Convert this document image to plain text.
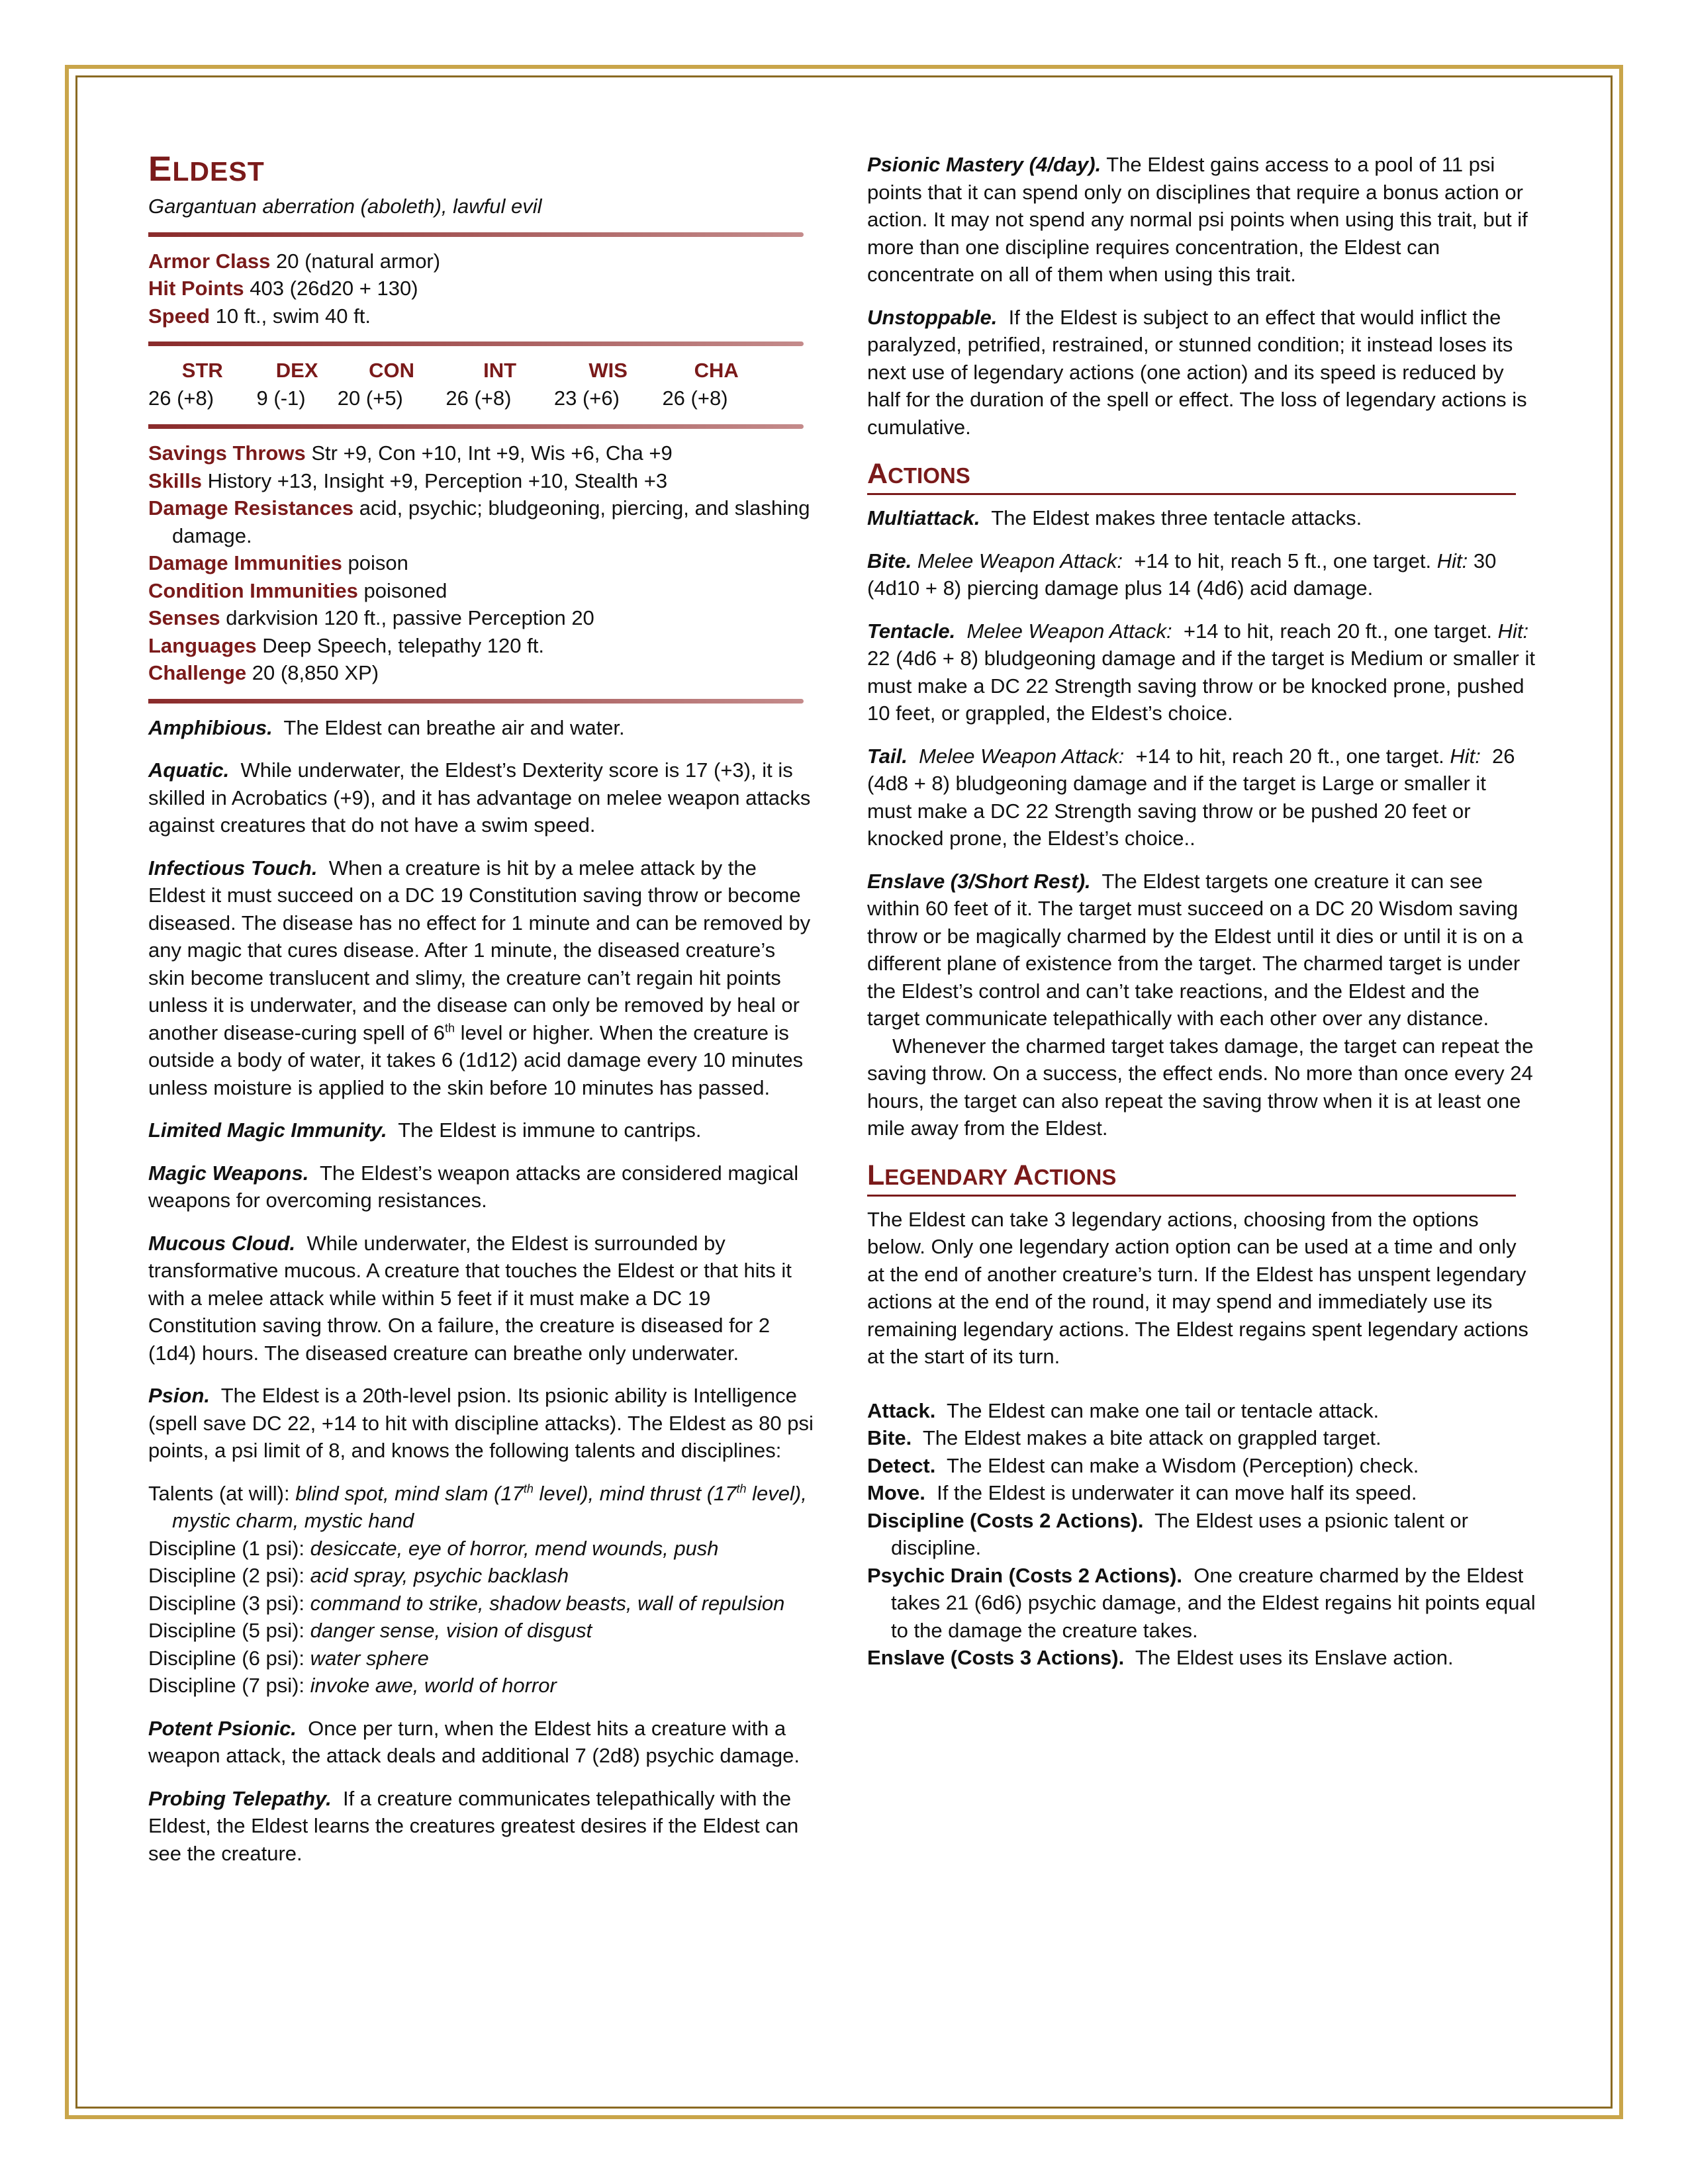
ELDEST

Gargantuan aberration (aboleth), lawful evil

Armor Class 20 (natural armor)

Hit Points 403 (26d20 + 130)

Speed 10 ft., swim 40 ft.

STR	DEX	CON	INT	WIS	CHA
26 (+8)	9 (-1)	20 (+5)	26 (+8)	23 (+6)	26 (+8)

Savings Throws Str +9, Con +10, Int +9, Wis +6, Cha +9

Skills History +13, Insight +9, Perception +10, Stealth +3

Damage Resistances acid, psychic; bludgeoning, piercing, and slashing damage.

Damage Immunities poison

Condition Immunities poisoned

Senses darkvision 120 ft., passive Perception 20

Languages Deep Speech, telepathy 120 ft.

Challenge 20 (8,850 XP)

Amphibious. The Eldest can breathe air and water.

Aquatic. While underwater, the Eldest’s Dexterity score is 17 (+3), it is skilled in Acrobatics (+9), and it has advantage on melee weapon attacks against creatures that do not have a swim speed.

Infectious Touch. When a creature is hit by a melee attack by the Eldest it must succeed on a DC 19 Constitution saving throw or become diseased. The disease has no effect for 1 minute and can be removed by any magic that cures disease. After 1 minute, the diseased creature’s skin become translucent and slimy, the creature can’t regain hit points unless it is underwater, and the disease can only be removed by heal or another disease-curing spell of 6th level or higher. When the creature is outside a body of water, it takes 6 (1d12) acid damage every 10 minutes unless moisture is applied to the skin before 10 minutes has passed.

Limited Magic Immunity. The Eldest is immune to cantrips.

Magic Weapons. The Eldest’s weapon attacks are considered magical weapons for overcoming resistances.

Mucous Cloud. While underwater, the Eldest is surrounded by transformative mucous. A creature that touches the Eldest or that hits it with a melee attack while within 5 feet if it must make a DC 19 Constitution saving throw. On a failure, the creature is diseased for 2 (1d4) hours. The diseased creature can breathe only underwater.

Psion. The Eldest is a 20th-level psion. Its psionic ability is Intelligence (spell save DC 22, +14 to hit with discipline attacks). The Eldest as 80 psi points, a psi limit of 8, and knows the following talents and disciplines:

Talents (at will): blind spot, mind slam (17th level), mind thrust (17th level), mystic charm, mystic hand

Discipline (1 psi): desiccate, eye of horror, mend wounds, push

Discipline (2 psi): acid spray, psychic backlash

Discipline (3 psi): command to strike, shadow beasts, wall of repulsion

Discipline (5 psi): danger sense, vision of disgust

Discipline (6 psi): water sphere

Discipline (7 psi): invoke awe, world of horror

Potent Psionic. Once per turn, when the Eldest hits a creature with a weapon attack, the attack deals and additional 7 (2d8) psychic damage.

Probing Telepathy. If a creature communicates telepathically with the Eldest, the Eldest learns the creatures greatest desires if the Eldest can see the creature.

Psionic Mastery (4/day). The Eldest gains access to a pool of 11 psi points that it can spend only on disciplines that require a bonus action or action. It may not spend any normal psi points when using this trait, but if more than one discipline requires concentration, the Eldest can concentrate on all of them when using this trait.

Unstoppable. If the Eldest is subject to an effect that would inflict the paralyzed, petrified, restrained, or stunned condition; it instead loses its next use of legendary actions (one action) and its speed is reduced by half for the duration of the spell or effect. The loss of legendary actions is cumulative.

ACTIONS

Multiattack. The Eldest makes three tentacle attacks.

Bite. Melee Weapon Attack: +14 to hit, reach 5 ft., one target. Hit: 30 (4d10 + 8) piercing damage plus 14 (4d6) acid damage.

Tentacle. Melee Weapon Attack: +14 to hit, reach 20 ft., one target. Hit: 22 (4d6 + 8) bludgeoning damage and if the target is Medium or smaller it must make a DC 22 Strength saving throw or be knocked prone, pushed 10 feet, or grappled, the Eldest’s choice.

Tail. Melee Weapon Attack: +14 to hit, reach 20 ft., one target. Hit: 26 (4d8 + 8) bludgeoning damage and if the target is Large or smaller it must make a DC 22 Strength saving throw or be pushed 20 feet or knocked prone, the Eldest’s choice..

Enslave (3/Short Rest). The Eldest targets one creature it can see within 60 feet of it. The target must succeed on a DC 20 Wisdom saving throw or be magically charmed by the Eldest until it dies or until it is on a different plane of existence from the target. The charmed target is under the Eldest’s control and can’t take reactions, and the Eldest and the target communicate telepathically with each other over any distance.

Whenever the charmed target takes damage, the target can repeat the saving throw. On a success, the effect ends. No more than once every 24 hours, the target can also repeat the saving throw when it is at least one mile away from the Eldest.

LEGENDARY ACTIONS

The Eldest can take 3 legendary actions, choosing from the options below. Only one legendary action option can be used at a time and only at the end of another creature’s turn. If the Eldest has unspent legendary actions at the end of the round, it may spend and immediately use its remaining legendary actions. The Eldest regains spent legendary actions at the start of its turn.

Attack. The Eldest can make one tail or tentacle attack.

Bite. The Eldest makes a bite attack on grappled target.

Detect. The Eldest can make a Wisdom (Perception) check.

Move. If the Eldest is underwater it can move half its speed.

Discipline (Costs 2 Actions). The Eldest uses a psionic talent or discipline.

Psychic Drain (Costs 2 Actions). One creature charmed by the Eldest takes 21 (6d6) psychic damage, and the Eldest regains hit points equal to the damage the creature takes.

Enslave (Costs 3 Actions). The Eldest uses its Enslave action.
